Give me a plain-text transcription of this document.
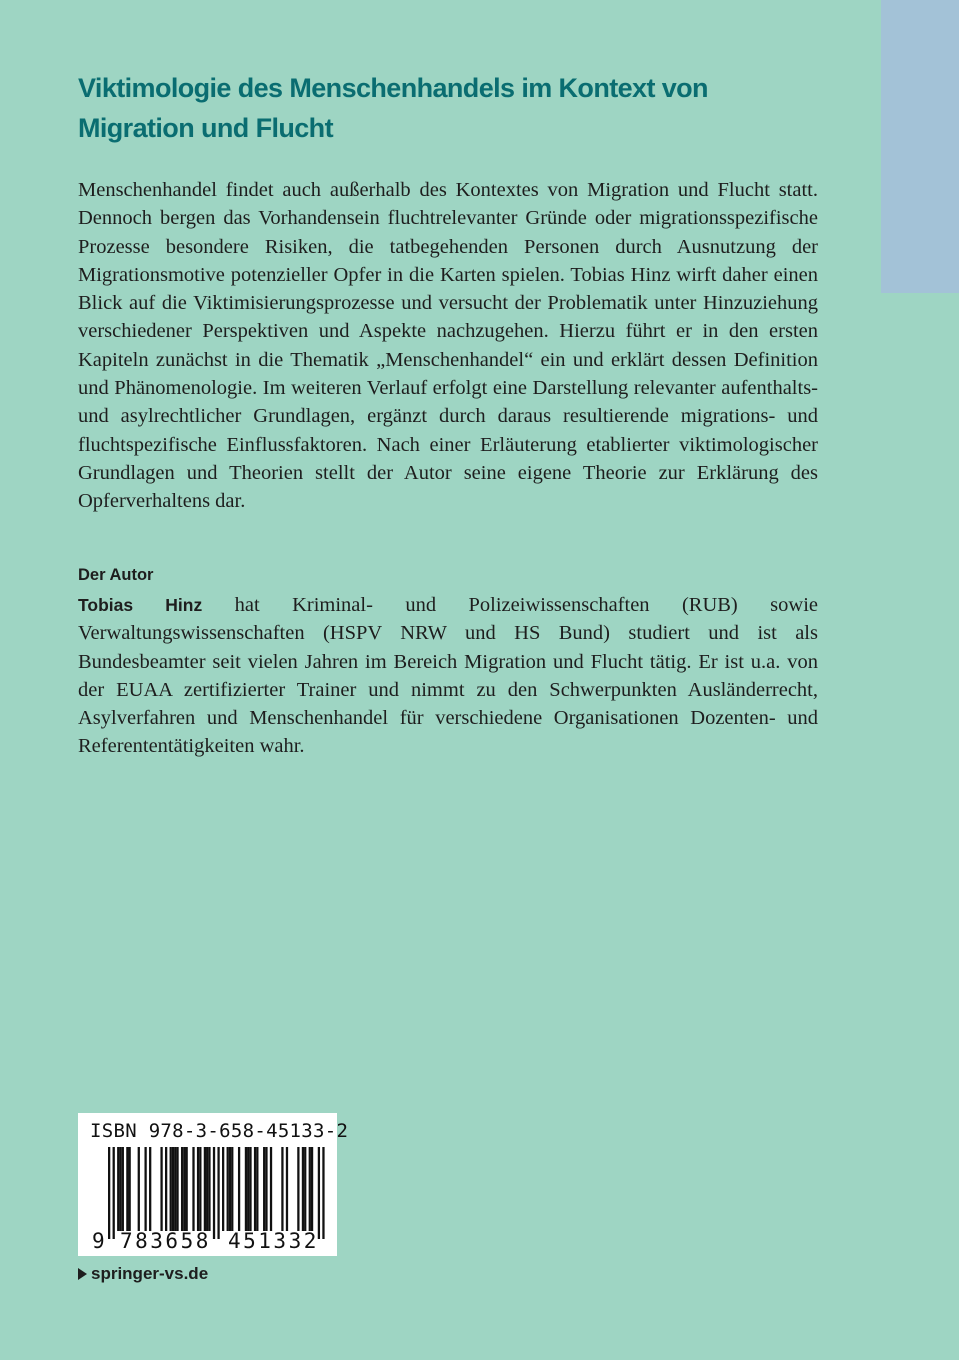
Viktimologie des Menschenhandels im Kontext von Migration und Flucht

Menschenhandel findet auch außerhalb des Kontextes von Migration und Flucht statt. Dennoch bergen das Vorhandensein fluchtrelevanter Gründe oder migrationsspezifische Prozesse besondere Risiken, die tatbegehenden Personen durch Ausnutzung der Migrationsmotive potenzieller Opfer in die Karten spielen. Tobias Hinz wirft daher einen Blick auf die Viktimisierungsprozesse und versucht der Problematik unter Hinzuziehung verschiedener Perspektiven und Aspekte nachzugehen. Hierzu führt er in den ersten Kapiteln zunächst in die Thematik „Menschenhandel“ ein und erklärt dessen Definition und Phänomenologie. Im weiteren Verlauf erfolgt eine Darstellung relevanter aufenthalts- und asylrechtlicher Grundlagen, ergänzt durch daraus resultierende migrations- und fluchtspezifische Einflussfaktoren. Nach einer Erläuterung etablierter viktimologischer Grundlagen und Theorien stellt der Autor seine eigene Theorie zur Erklärung des Opferverhaltens dar.

Der Autor

Tobias Hinz hat Kriminal- und Polizeiwissenschaften (RUB) sowie Verwaltungswissenschaften (HSPV NRW und HS Bund) studiert und ist als Bundesbeamter seit vielen Jahren im Bereich Migration und Flucht tätig. Er ist u.a. von der EUAA zertifizierter Trainer und nimmt zu den Schwerpunkten Ausländerrecht, Asylverfahren und Menschenhandel für verschiedene Organisationen Dozenten- und Referententätigkeiten wahr.

ISBN 978-3-658-45133-2
9 783658 451332
springer-vs.de
